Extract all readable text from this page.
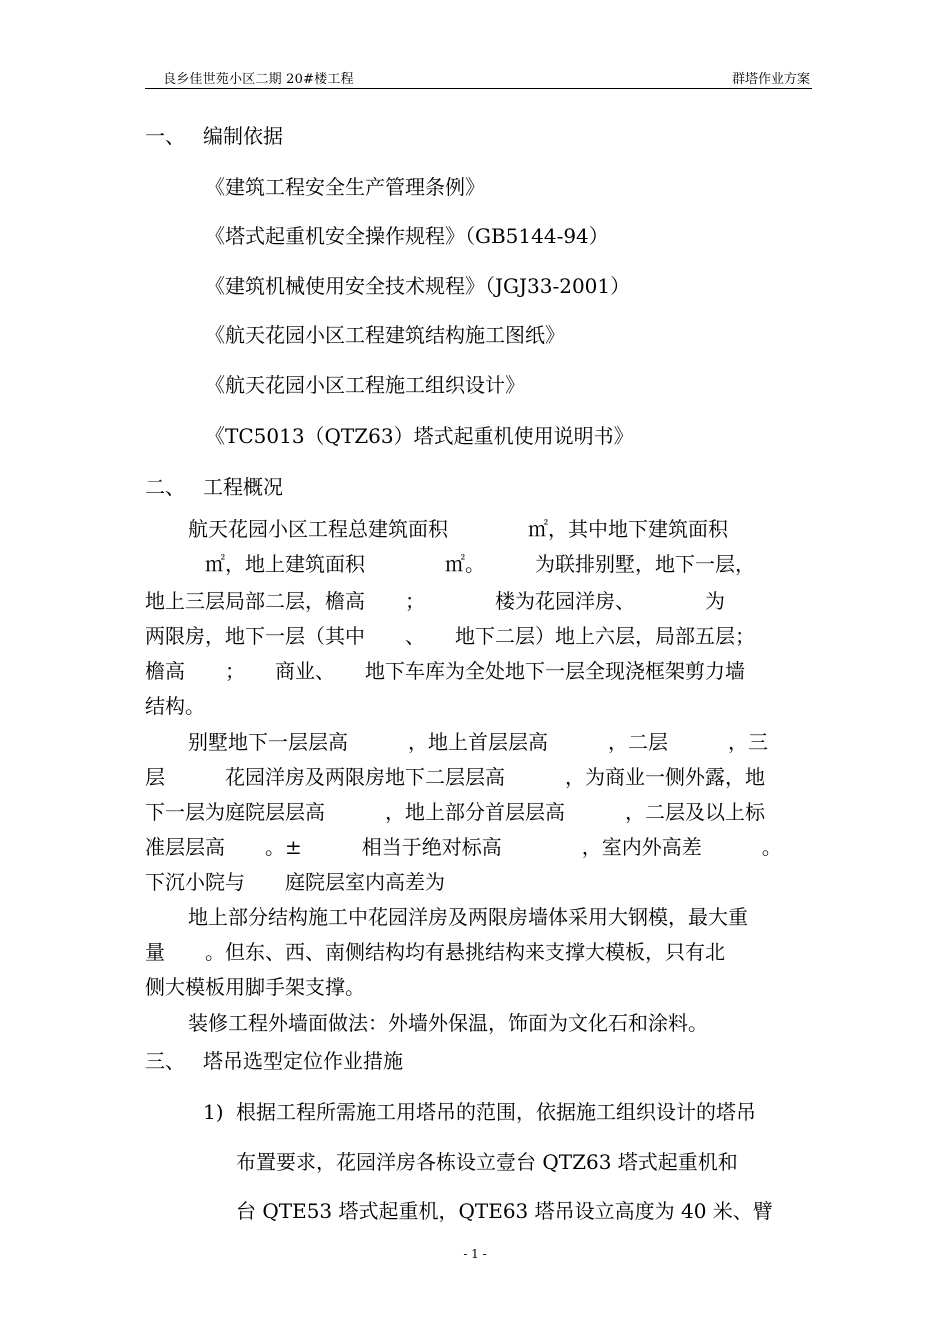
良乡佳世苑小区二期 20#楼工程	群塔作业方案
一、 编制依据
《建筑工程安全生产管理条例》
《塔式起重机安全操作规程》（GB5144-94）
《建筑机械使用安全技术规程》（JGJ33-2001）
《航天花园小区工程建筑结构施工图纸》
《航天花园小区工程施工组织设计》
《TC5013（QTZ63）塔式起重机使用说明书》
二、 工程概况
航天花园小区工程总建筑面积　　　　㎡，其中地下建筑面积
㎡，地上建筑面积　　　　㎡。　　　为联排别墅，地下一层，
地上三层局部二层，檐高　　；　　　　楼为花园洋房、　　　　为
两限房，地下一层（其中　　、　　地下二层）地上六层，局部五层；
檐高　　；　　商业、　　地下车库为全处地下一层全现浇框架剪力墙
结构。
别墅地下一层层高　　　，地上首层层高　　　，二层　　　，三
层　　　花园洋房及两限房地下二层层高　　　，为商业一侧外露，地
下一层为庭院层层高　　　，地上部分首层层高　　　，二层及以上标
准层层高　　。±　　　相当于绝对标高　　　　，室内外高差　　　。
下沉小院与　　庭院层室内高差为
地上部分结构施工中花园洋房及两限房墙体采用大钢模，最大重
量　　。但东、西、南侧结构均有悬挑结构来支撑大模板，只有北
侧大模板用脚手架支撑。
装修工程外墙面做法：外墙外保温，饰面为文化石和涂料。
三、 塔吊选型定位作业措施
1) 根据工程所需施工用塔吊的范围，依据施工组织设计的塔吊
布置要求，花园洋房各栋设立壹台 QTZ63 塔式起重机和
台 QTE53 塔式起重机，QTE63 塔吊设立高度为 40 米、臂
- 1 -
